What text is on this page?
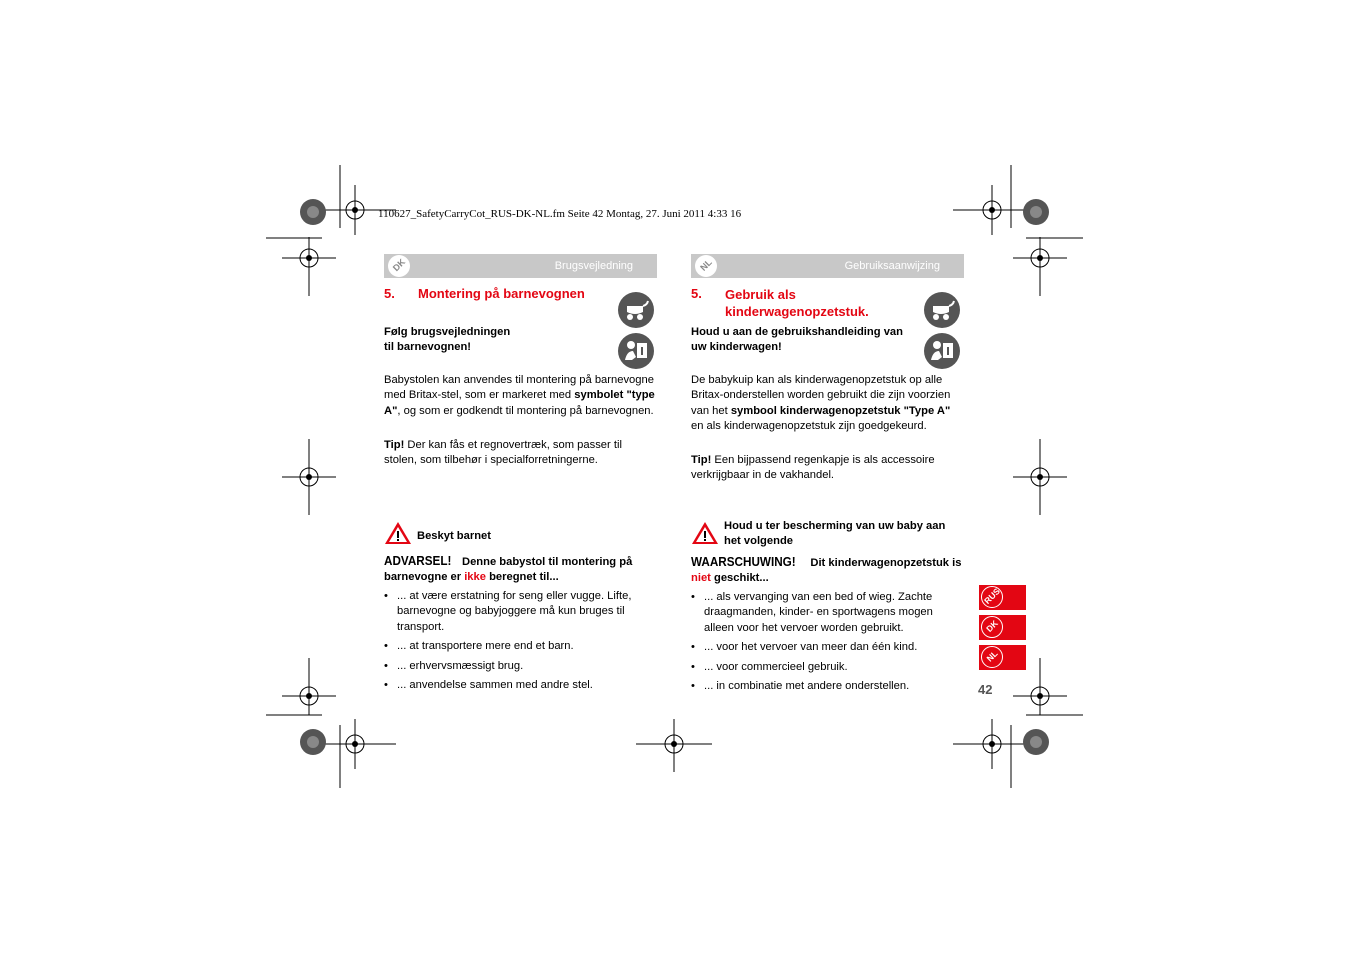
110627_SafetyCarryCot_RUS-DK-NL.fm Seite 42 Montag, 27. Juni 2011 4:33 16
DK	Brugsvejledning
5. Montering på barnevognen
Følg brugsvejledningen
til barnevognen!
Babystolen kan anvendes til montering på barnevogne med Britax-stel, som er markeret med symbolet "type A", og som er godkendt til montering på barnevognen.
Tip! Der kan fås et regnovertræk, som passer til stolen, som tilbehør i specialforretningerne.
Beskyt barnet
ADVARSEL! Denne babystol til montering på barnevogne er ikke beregnet til...
• ... at være erstatning for seng eller vugge. Lifte, barnevogne og babyjoggere må kun bruges til transport.
• ... at transportere mere end et barn.
• ... erhvervsmæssigt brug.
• ... anvendelse sammen med andre stel.
NL	Gebruiksaanwijzing
5. Gebruik als
kinderwagenopzetstuk.
Houd u aan de gebruikshandleiding van
uw kinderwagen!
De babykuip kan als kinderwagenopzetstuk op alle Britax-onderstellen worden gebruikt die zijn voorzien van het symbool kinderwagenopzetstuk "Type A" en als kinderwagenopzetstuk zijn goedgekeurd.
Tip! Een bijpassend regenkapje is als accessoire verkrijgbaar in de vakhandel.
Houd u ter bescherming van uw baby aan het volgende
WAARSCHUWING! Dit kinderwagenopzetstuk is niet geschikt...
• ... als vervanging van een bed of wieg. Zachte draagmanden, kinder- en sportwagens mogen alleen voor het vervoer worden gebruikt.
• ... voor het vervoer van meer dan één kind.
• ... voor commercieel gebruik.
• ... in combinatie met andere onderstellen.
RUS
DK
NL
42
